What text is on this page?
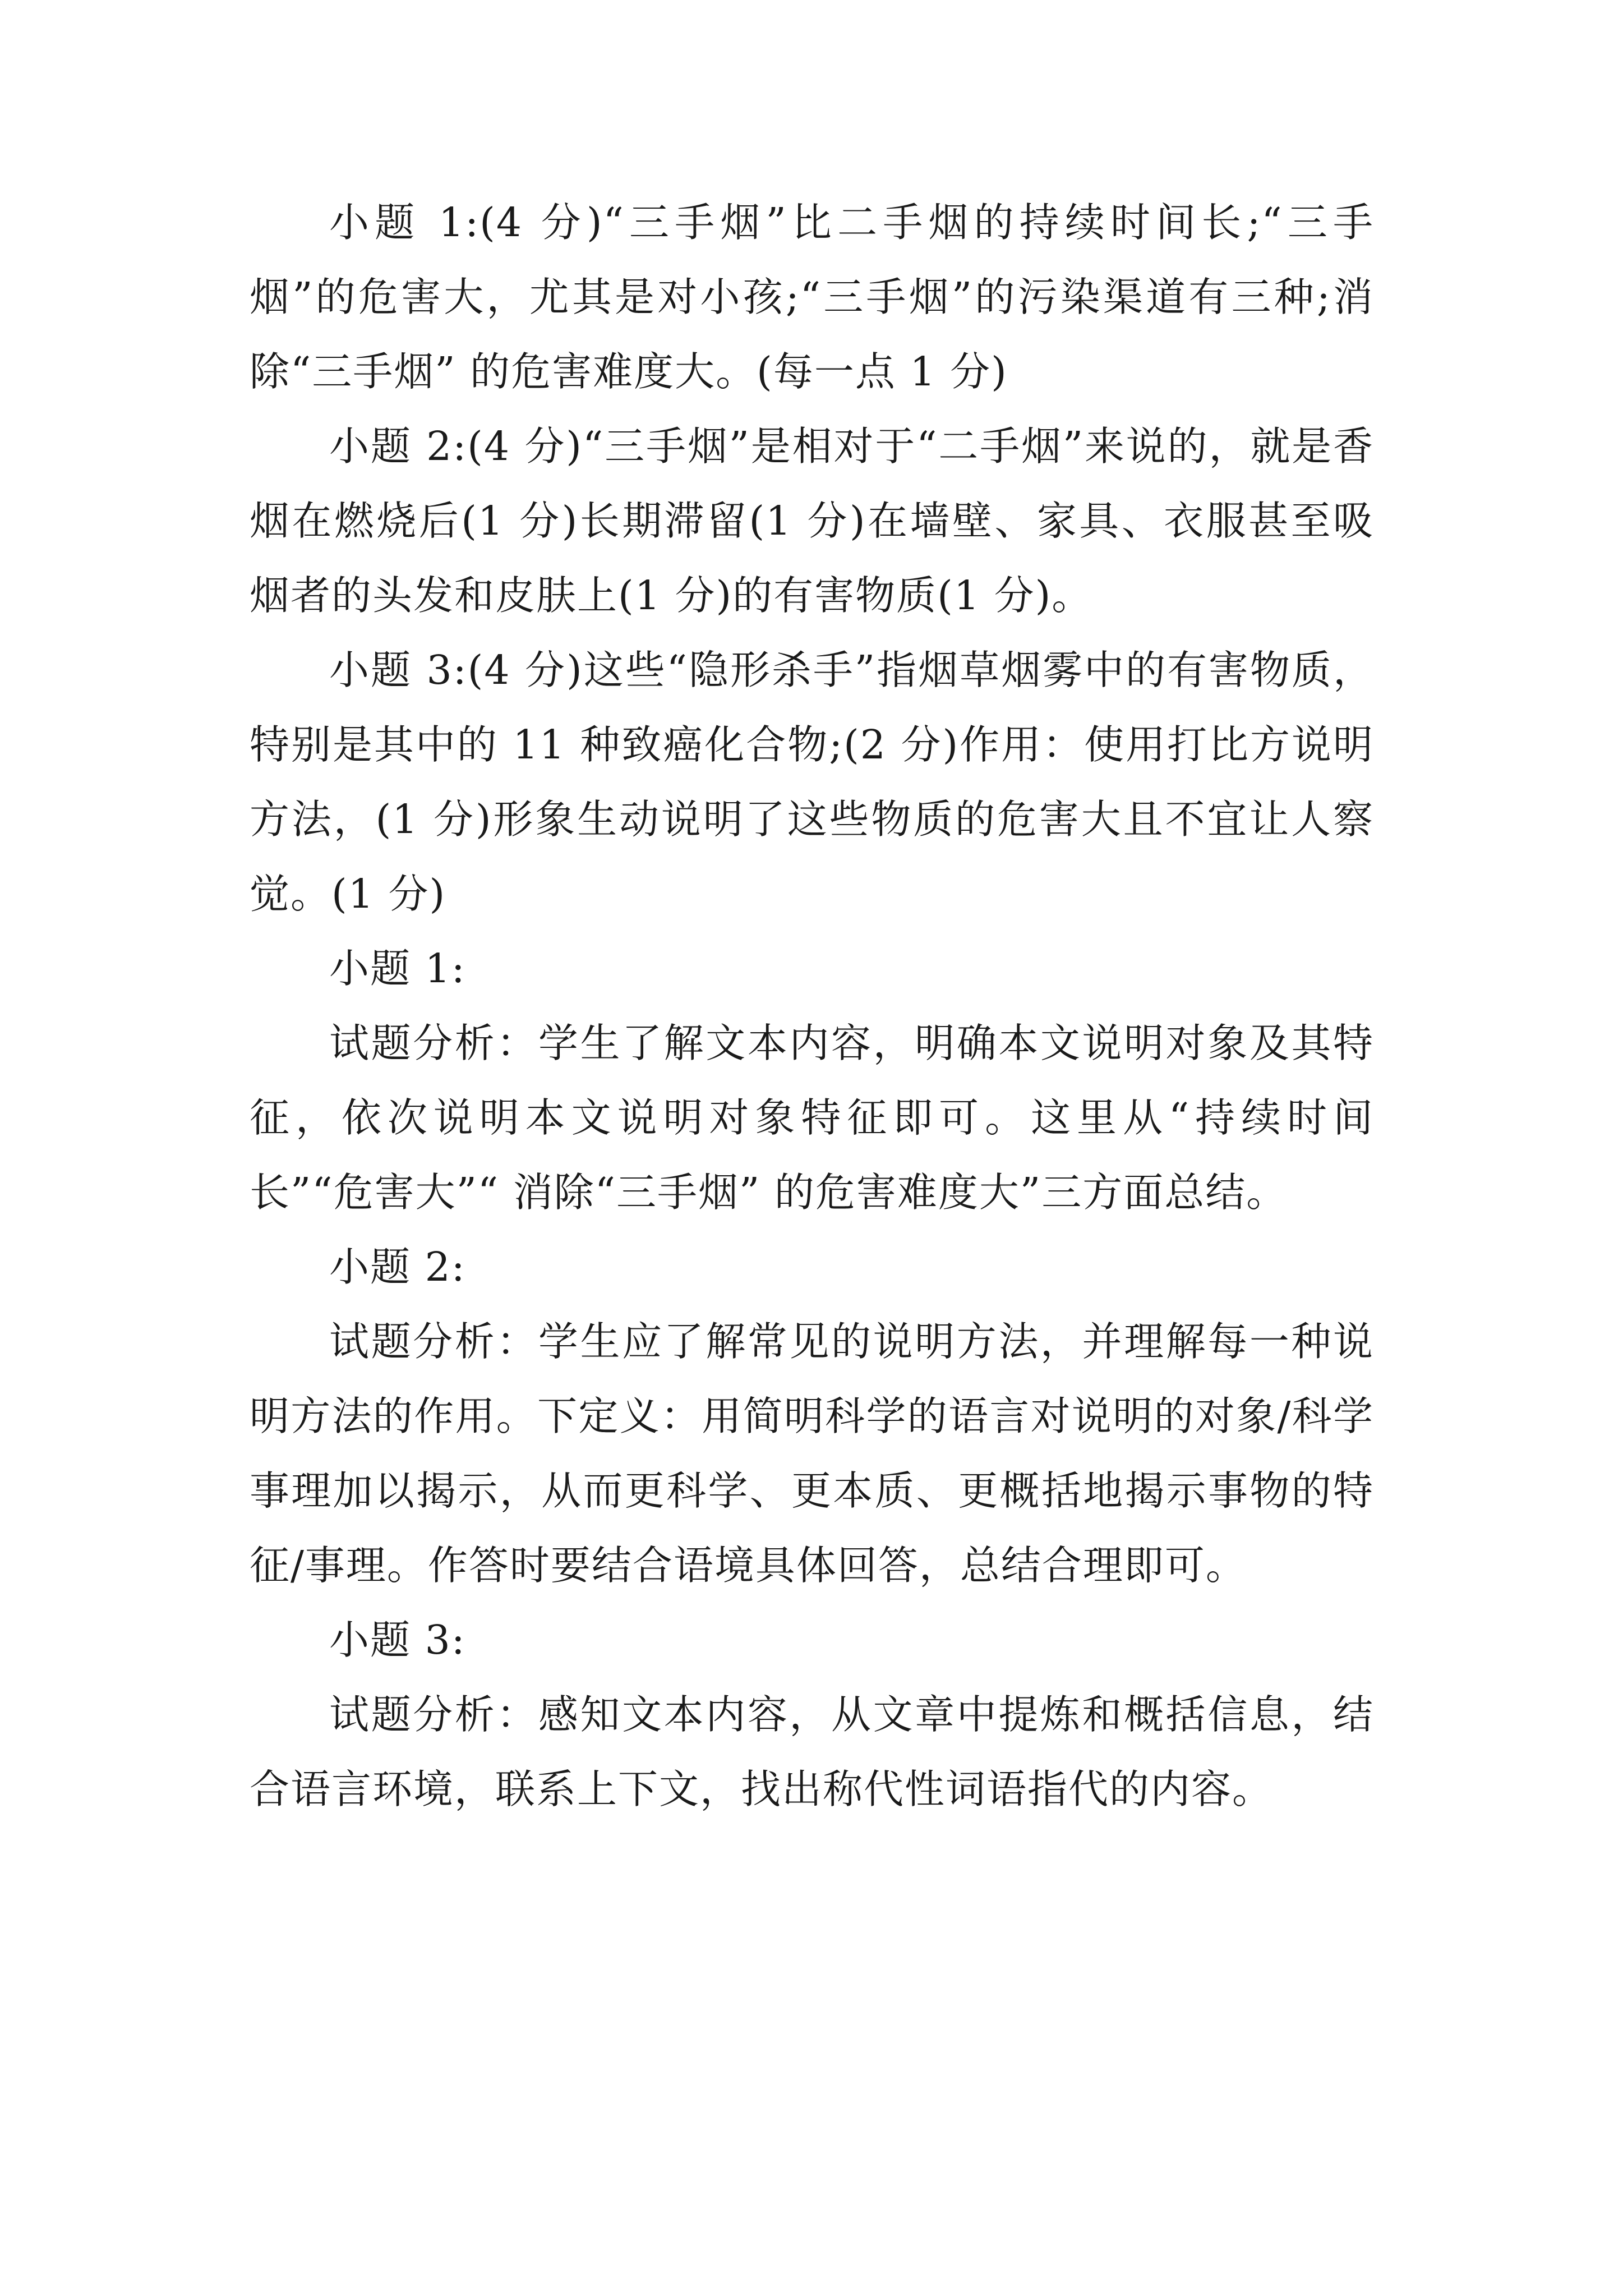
小题 1:(4 分)“三手烟”比二手烟的持续时间长;“三手烟”的危害大，尤其是对小孩;“三手烟”的污染渠道有三种;消除“三手烟” 的危害难度大。(每一点 1 分)

小题 2:(4 分)“三手烟”是相对于“二手烟”来说的，就是香烟在燃烧后(1 分)长期滞留(1 分)在墙壁、家具、衣服甚至吸烟者的头发和皮肤上(1 分)的有害物质(1 分)。

小题 3:(4 分)这些“隐形杀手”指烟草烟雾中的有害物质，特别是其中的 11 种致癌化合物;(2 分)作用：使用打比方说明方法，(1 分)形象生动说明了这些物质的危害大且不宜让人察觉。(1 分)

小题 1:

试题分析：学生了解文本内容，明确本文说明对象及其特征，依次说明本文说明对象特征即可。这里从“持续时间长”“危害大”“ 消除“三手烟” 的危害难度大”三方面总结。

小题 2:

试题分析：学生应了解常见的说明方法，并理解每一种说明方法的作用。下定义：用简明科学的语言对说明的对象/科学事理加以揭示，从而更科学、更本质、更概括地揭示事物的特征/事理。作答时要结合语境具体回答，总结合理即可。

小题 3:

试题分析：感知文本内容，从文章中提炼和概括信息，结合语言环境，联系上下文，找出称代性词语指代的内容。
